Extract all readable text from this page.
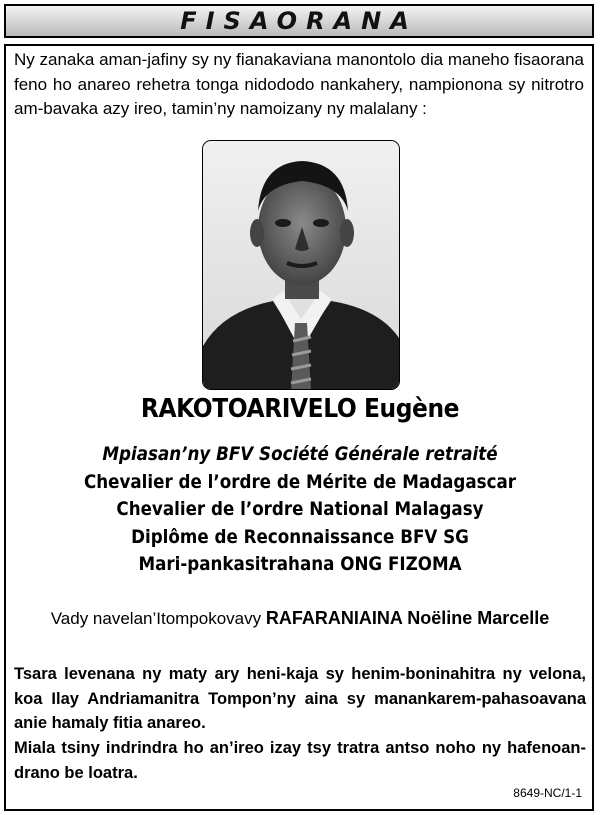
FISAORANA

Ny zanaka aman-jafiny sy ny fianakaviana manontolo dia maneho fisaorana feno ho anareo rehetra tonga nidododo nankahery, nampionona sy nitrotro am-bavaka azy ireo, tamin’ny namoizany ny malalany :

RAKOTOARIVELO Eugène
Mpiasan’ny BFV Société Générale retraité
Chevalier de l’ordre de Mérite de Madagascar
Chevalier de l’ordre National Malagasy
Diplôme de Reconnaissance BFV SG
Mari-pankasitrahana ONG FIZOMA
Vady navelan’Itompokovavy RAFARANIAINA Noëline Marcelle

Tsara levenana ny maty ary heni-kaja sy henim-boninahitra ny velona, koa Ilay Andriamanitra Tompon’ny aina sy manankarem-pahasoavana anie hamaly fitia anareo.

Miala tsiny indrindra ho an’ireo izay tsy tratra antso noho ny hafenoan-drano be loatra.

8649-NC/1-1
